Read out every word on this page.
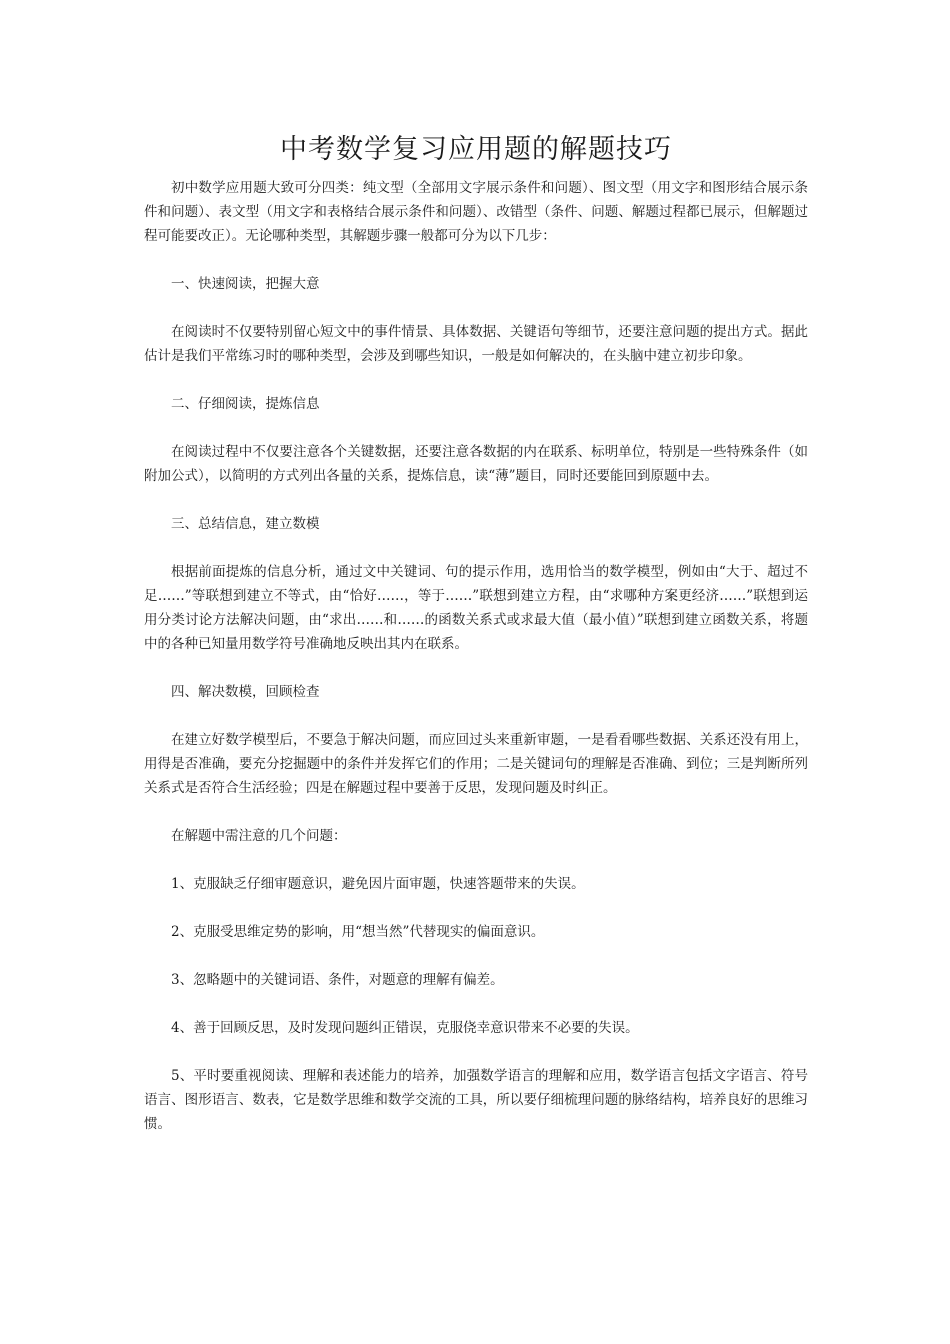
中考数学复习应用题的解题技巧

初中数学应用题大致可分四类：纯文型（全部用文字展示条件和问题）、图文型（用文字和图形结合展示条件和问题）、表文型（用文字和表格结合展示条件和问题）、改错型（条件、问题、解题过程都已展示，但解题过程可能要改正）。无论哪种类型，其解题步骤一般都可分为以下几步：

一、快速阅读，把握大意

在阅读时不仅要特别留心短文中的事件情景、具体数据、关键语句等细节，还要注意问题的提出方式。据此估计是我们平常练习时的哪种类型，会涉及到哪些知识，一般是如何解决的，在头脑中建立初步印象。

二、仔细阅读，提炼信息

在阅读过程中不仅要注意各个关键数据，还要注意各数据的内在联系、标明单位，特别是一些特殊条件（如附加公式），以简明的方式列出各量的关系，提炼信息，读“薄”题目，同时还要能回到原题中去。

三、总结信息，建立数模

根据前面提炼的信息分析，通过文中关键词、句的提示作用，选用恰当的数学模型，例如由“大于、超过不足……”等联想到建立不等式，由“恰好……，等于……”联想到建立方程，由“求哪种方案更经济……”联想到运用分类讨论方法解决问题，由“求出……和……的函数关系式或求最大值（最小值）”联想到建立函数关系，将题中的各种已知量用数学符号准确地反映出其内在联系。

四、解决数模，回顾检查

在建立好数学模型后，不要急于解决问题，而应回过头来重新审题，一是看看哪些数据、关系还没有用上，用得是否准确，要充分挖掘题中的条件并发挥它们的作用；二是关键词句的理解是否准确、到位；三是判断所列关系式是否符合生活经验；四是在解题过程中要善于反思，发现问题及时纠正。

在解题中需注意的几个问题：

1、克服缺乏仔细审题意识，避免因片面审题，快速答题带来的失误。

2、克服受思维定势的影响，用“想当然”代替现实的偏面意识。

3、忽略题中的关键词语、条件，对题意的理解有偏差。

4、善于回顾反思，及时发现问题纠正错误，克服侥幸意识带来不必要的失误。

5、平时要重视阅读、理解和表述能力的培养，加强数学语言的理解和应用，数学语言包括文字语言、符号语言、图形语言、数表，它是数学思维和数学交流的工具，所以要仔细梳理问题的脉络结构，培养良好的思维习惯。
